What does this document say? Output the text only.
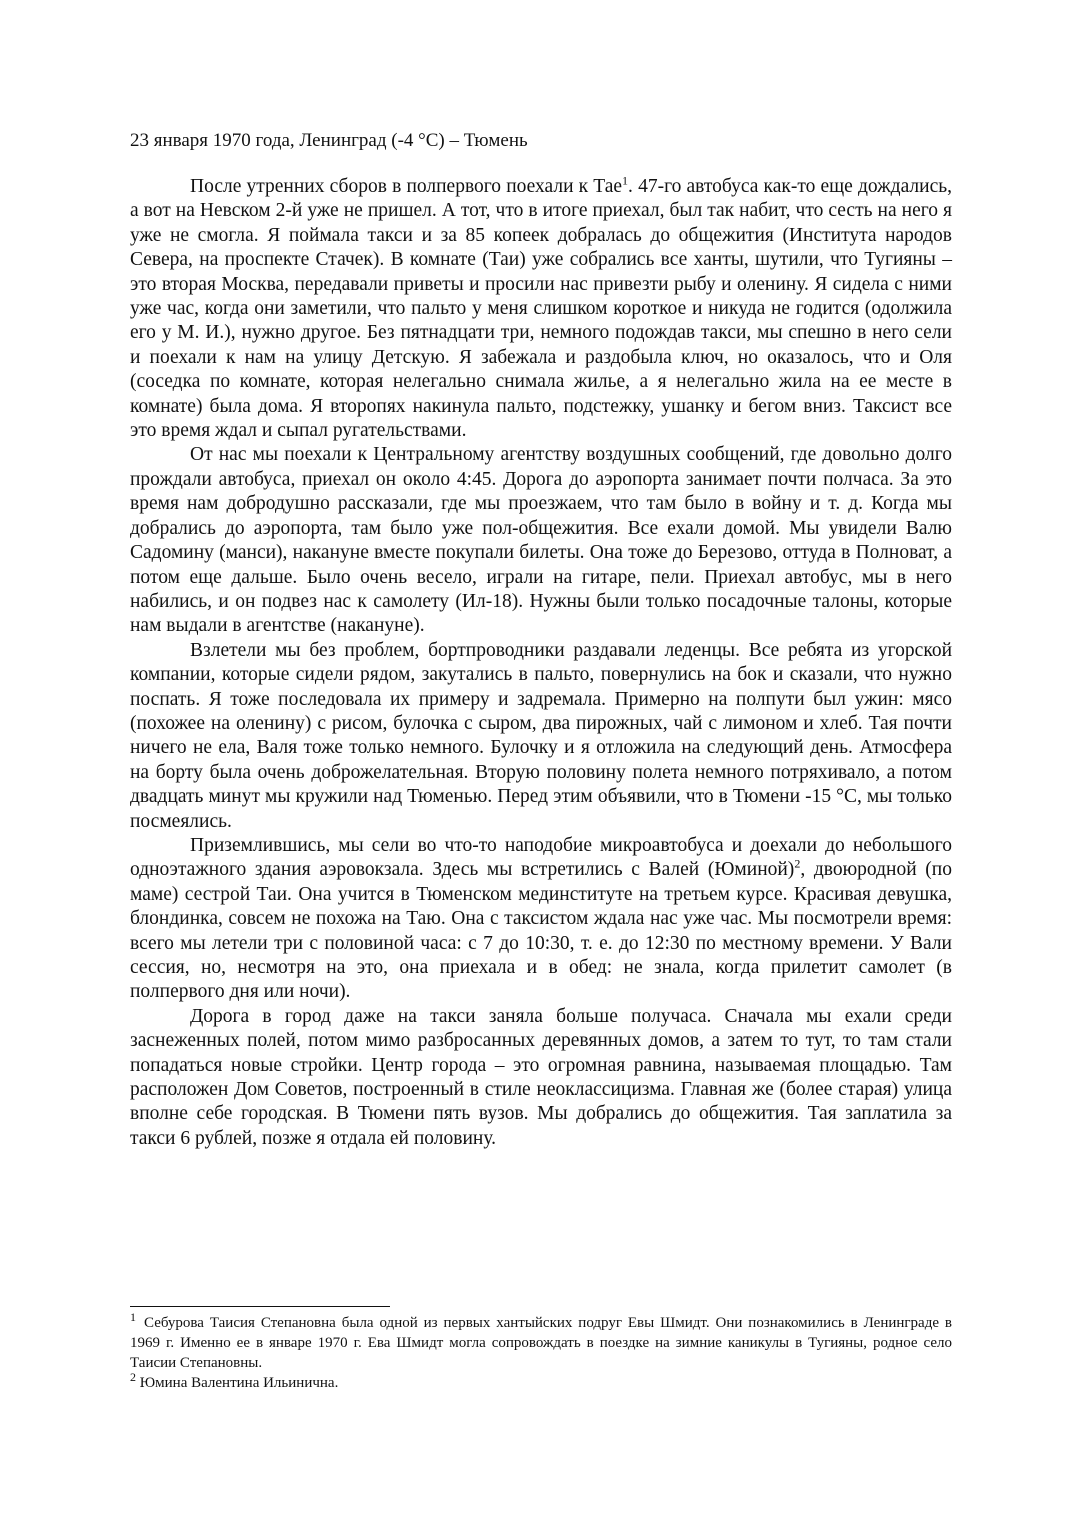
23 января 1970 года, Ленинград (-4 °C) – Тюмень

После утренних сборов в полпервого поехали к Тае$^1$. 47-го автобуса как-то еще дождались, а вот на Невском 2-й уже не пришел. А тот, что в итоге приехал, был так набит, что сесть на него я уже не смогла. Я поймала такси и за 85 копеек добралась до общежития (Института народов Севера, на проспекте Стачек). В комнате (Таи) уже собрались все ханты, шутили, что Тугияны – это вторая Москва, передавали приветы и просили нас привезти рыбу и оленину. Я сидела с ними уже час, когда они заметили, что пальто у меня слишком короткое и никуда не годится (одолжила его у М. И.), нужно другое. Без пятнадцати три, немного подождав такси, мы спешно в него сели и поехали к нам на улицу Детскую. Я забежала и раздобыла ключ, но оказалось, что и Оля (соседка по комнате, которая нелегально снимала жилье, а я нелегально жила на ее месте в комнате) была дома. Я второпях накинула пальто, подстежку, ушанку и бегом вниз. Таксист все это время ждал и сыпал ругательствами.

От нас мы поехали к Центральному агентству воздушных сообщений, где довольно долго прождали автобуса, приехал он около 4:45. Дорога до аэропорта занимает почти полчаса. За это время нам добродушно рассказали, где мы проезжаем, что там было в войну и т. д. Когда мы добрались до аэропорта, там было уже пол-общежития. Все ехали домой. Мы увидели Валю Садомину (манси), накануне вместе покупали билеты. Она тоже до Березово, оттуда в Полноват, а потом еще дальше. Было очень весело, играли на гитаре, пели. Приехал автобус, мы в него набились, и он подвез нас к самолету (Ил-18). Нужны были только посадочные талоны, которые нам выдали в агентстве (накануне).

Взлетели мы без проблем, бортпроводники раздавали леденцы. Все ребята из угорской компании, которые сидели рядом, закутались в пальто, повернулись на бок и сказали, что нужно поспать. Я тоже последовала их примеру и задремала. Примерно на полпути был ужин: мясо (похожее на оленину) с рисом, булочка с сыром, два пирожных, чай с лимоном и хлеб. Тая почти ничего не ела, Валя тоже только немного. Булочку и я отложила на следующий день. Атмосфера на борту была очень доброжелательная. Вторую половину полета немного потряхивало, а потом двадцать минут мы кружили над Тюменью. Перед этим объявили, что в Тюмени -15 °C, мы только посмеялись.

Приземлившись, мы сели во что-то наподобие микроавтобуса и доехали до небольшого одноэтажного здания аэровокзала. Здесь мы встретились с Валей (Юминой)$^2$, двоюродной (по маме) сестрой Таи. Она учится в Тюменском мединституте на третьем курсе. Красивая девушка, блондинка, совсем не похожа на Таю. Она с таксистом ждала нас уже час. Мы посмотрели время: всего мы летели три с половиной часа: с 7 до 10:30, т. е. до 12:30 по местному времени. У Вали сессия, но, несмотря на это, она приехала и в обед: не знала, когда прилетит самолет (в полпервого дня или ночи).

Дорога в город даже на такси заняла больше получаса. Сначала мы ехали среди заснеженных полей, потом мимо разбросанных деревянных домов, а затем то тут, то там стали попадаться новые стройки. Центр города – это огромная равнина, называемая площадью. Там расположен Дом Советов, построенный в стиле неоклассицизма. Главная же (более старая) улица вполне себе городская. В Тюмени пять вузов. Мы добрались до общежития. Тая заплатила за такси 6 рублей, позже я отдала ей половину.

$^1$ Себурова Таисия Степановна была одной из первых хантыйских подруг Евы Шмидт. Они познакомились в Ленинграде в 1969 г. Именно ее в январе 1970 г. Ева Шмидт могла сопровождать в поездке на зимние каникулы в Тугияны, родное село Таисии Степановны.

$^2$ Юмина Валентина Ильинична.
